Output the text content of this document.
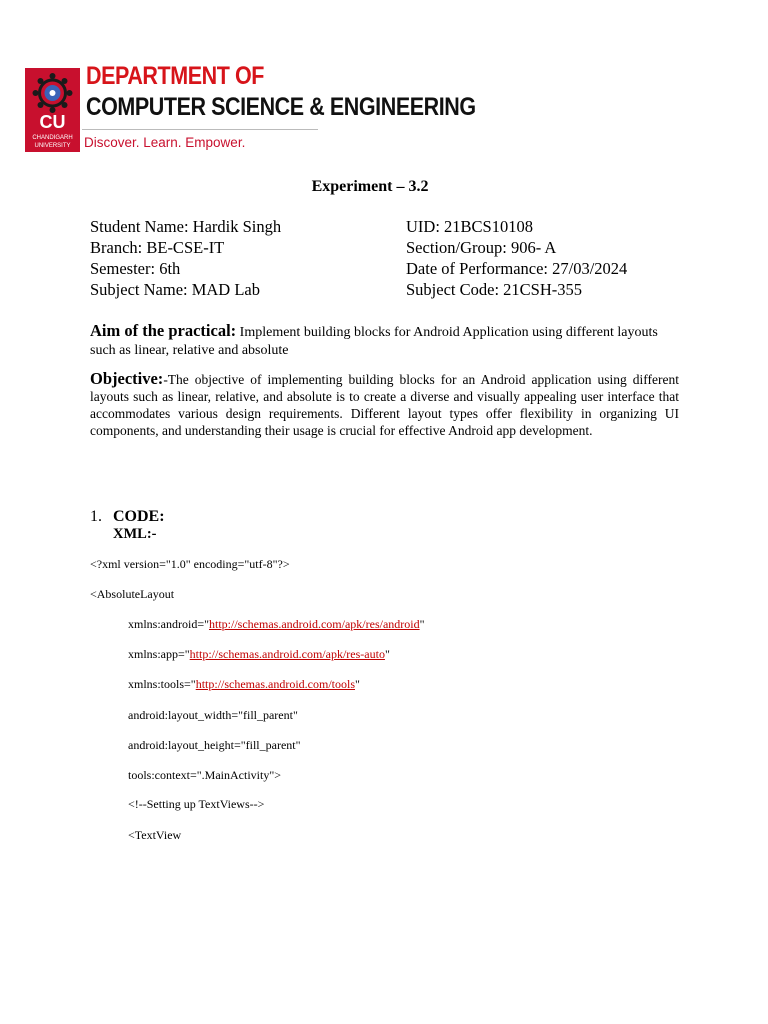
CU
CHANDIGARH
UNIVERSITY
DEPARTMENT OF
COMPUTER SCIENCE & ENGINEERING
Discover. Learn. Empower.
Experiment – 3.2
Student Name: Hardik Singh
Branch: BE-CSE-IT
Semester: 6th
Subject Name: MAD Lab
UID: 21BCS10108
Section/Group: 906- A
Date of Performance: 27/03/2024
Subject Code: 21CSH-355
Aim of the practical: Implement building blocks for Android Application using different layouts such as linear, relative and absolute
Objective:-The objective of implementing building blocks for an Android application using different layouts such as linear, relative, and absolute is to create a diverse and visually appealing user interface that accommodates various design requirements. Different layout types offer flexibility in organizing UI components, and understanding their usage is crucial for effective Android app development.
1. CODE:
XML:-
<?xml version="1.0" encoding="utf-8"?>
<AbsoluteLayout
xmlns:android="http://schemas.android.com/apk/res/android"
xmlns:app="http://schemas.android.com/apk/res-auto"
xmlns:tools="http://schemas.android.com/tools"
android:layout_width="fill_parent"
android:layout_height="fill_parent"
tools:context=".MainActivity">
<!--Setting up TextViews-->
<TextView
